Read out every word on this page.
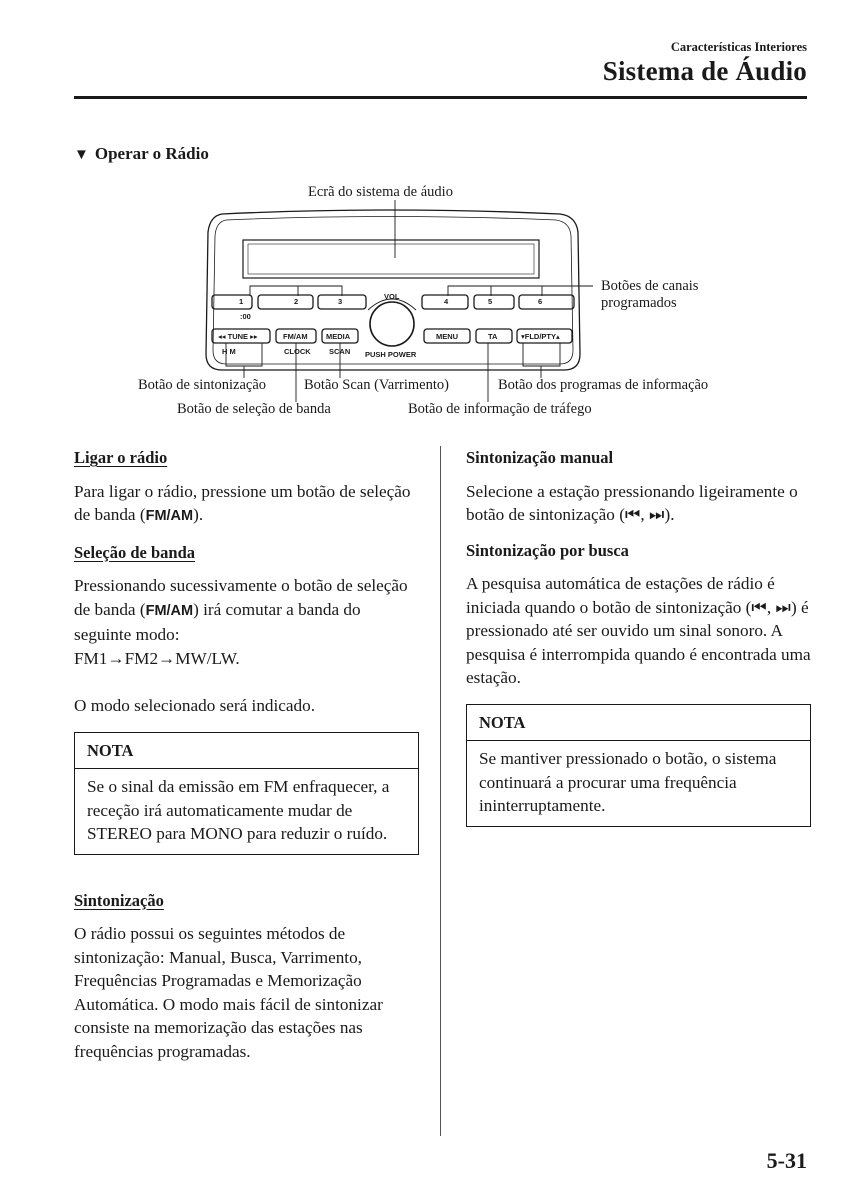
Características Interiores
Sistema de Áudio
▼ Operar o Rádio
1
:00
2	3	4	5	6
VOL
PUSH POWER
◂◂ TUNE ▸▸
H M
FM/AM
CLOCK
MEDIA
SCAN
MENU	TA	▾FLD/PTY▴
Ecrã do sistema de áudio
Botões de canais
programados
Botão de sintonização	Botão Scan (Varrimento)	Botão dos programas de informação
Botão de seleção de banda	Botão de informação de tráfego
Ligar o rádio

Para ligar o rádio, pressione um botão de seleção de banda (FM/AM).

Seleção de banda

Pressionando sucessivamente o botão de seleção de banda (FM/AM) irá comutar a banda do seguinte modo:
FM1→FM2→MW/LW.

O modo selecionado será indicado.

NOTA
Se o sinal da emissão em FM enfraquecer, a receção irá automaticamente mudar de STEREO para MONO para reduzir o ruído.
Sintonização

O rádio possui os seguintes métodos de sintonização: Manual, Busca, Varrimento, Frequências Programadas e Memorização Automática. O modo mais fácil de sintonizar consiste na memorização das estações nas frequências programadas.

Sintonização manual

Selecione a estação pressionando ligeiramente o botão de sintonização (⏮, ⏭).

Sintonização por busca

A pesquisa automática de estações de rádio é iniciada quando o botão de sintonização (⏮, ⏭) é pressionado até ser ouvido um sinal sonoro. A pesquisa é interrompida quando é encontrada uma estação.

NOTA
Se mantiver pressionado o botão, o sistema continuará a procurar uma frequência ininterruptamente.
5-31
